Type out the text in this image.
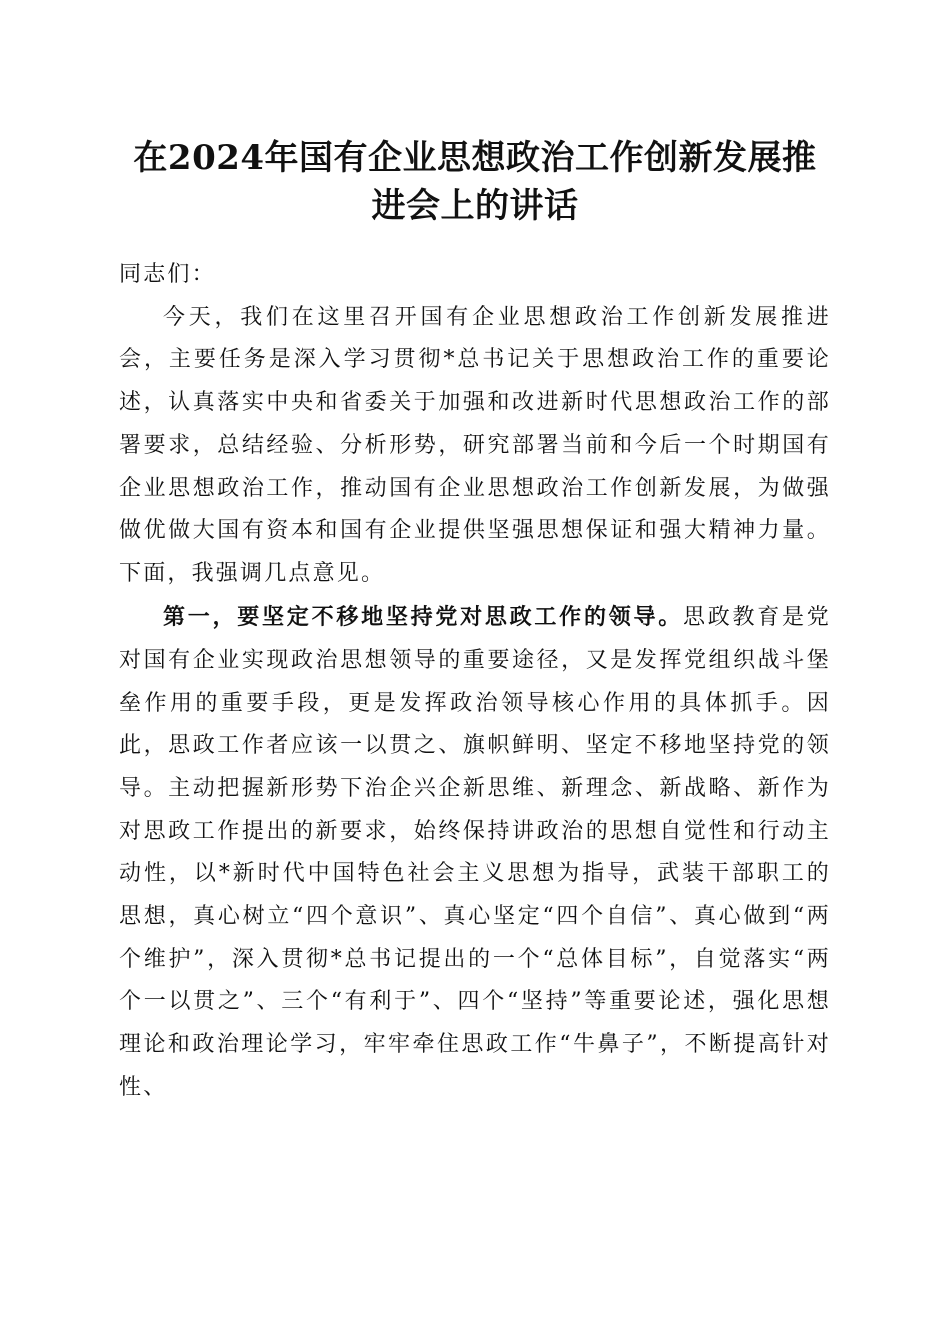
在2024年国有企业思想政治工作创新发展推
进会上的讲话

同志们：

今天，我们在这里召开国有企业思想政治工作创新发展推进会，主要任务是深入学习贯彻*总书记关于思想政治工作的重要论述，认真落实中央和省委关于加强和改进新时代思想政治工作的部署要求，总结经验、分析形势，研究部署当前和今后一个时期国有企业思想政治工作，推动国有企业思想政治工作创新发展，为做强做优做大国有资本和国有企业提供坚强思想保证和强大精神力量。下面，我强调几点意见。

第一，要坚定不移地坚持党对思政工作的领导。思政教育是党对国有企业实现政治思想领导的重要途径，又是发挥党组织战斗堡垒作用的重要手段，更是发挥政治领导核心作用的具体抓手。因此，思政工作者应该一以贯之、旗帜鲜明、坚定不移地坚持党的领导。主动把握新形势下治企兴企新思维、新理念、新战略、新作为对思政工作提出的新要求，始终保持讲政治的思想自觉性和行动主动性，以*新时代中国特色社会主义思想为指导，武装干部职工的思想，真心树立“四个意识”、真心坚定“四个自信”、真心做到“两个维护”，深入贯彻*总书记提出的一个“总体目标”，自觉落实“两个一以贯之”、三个“有利于”、四个“坚持”等重要论述，强化思想理论和政治理论学习，牢牢牵住思政工作“牛鼻子”，不断提高针对性、
